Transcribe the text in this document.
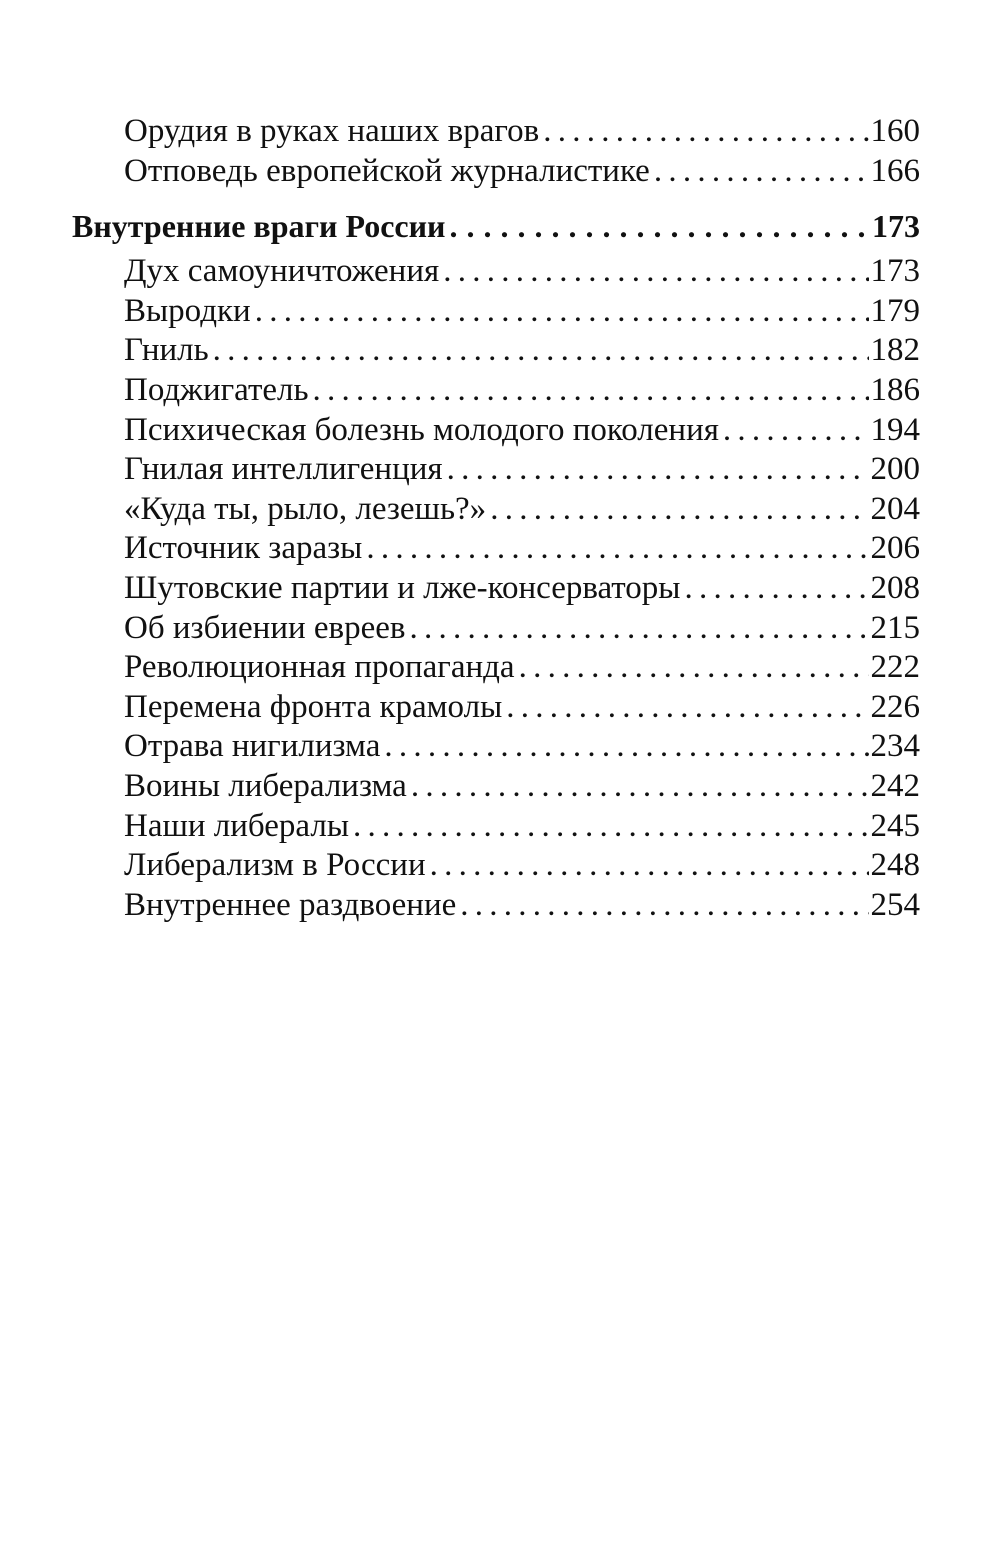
Орудия в руках наших врагов . . .	160
Отповедь европейской журналистике . . .	166
Внутренние враги России . . .	173
Дух самоуничтожения . . .	173
Выродки . . .	179
Гниль . . .	182
Поджигатель . . .	186
Психическая болезнь молодого поколения . . .	194
Гнилая интеллигенция . . .	200
«Куда ты, рыло, лезешь?» . . .	204
Источник заразы . . .	206
Шутовские партии и лже-консерваторы . . .	208
Об избиении евреев . . .	215
Революционная пропаганда . . .	222
Перемена фронта крамолы . . .	226
Отрава нигилизма . . .	234
Воины либерализма . . .	242
Наши либералы . . .	245
Либерализм в России . . .	248
Внутреннее раздвоение . . .	254
